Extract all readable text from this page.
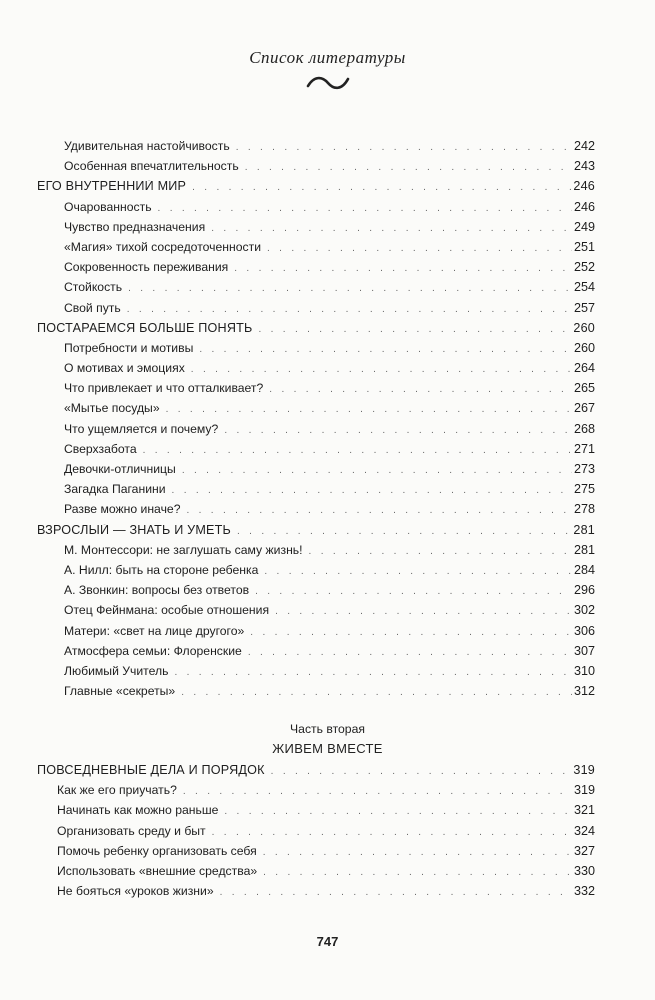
Список литературы
Удивительная настойчивость . . .	242
Особенная впечатлительность . . .	243
ЕГО ВНУТРЕННИЙ МИР . . .	246
Очарованность . . .	246
Чувство предназначения . . .	249
«Магия» тихой сосредоточенности . . .	251
Сокровенность переживания . . .	252
Стойкость . . .	254
Свой путь . . .	257
ПОСТАРАЕМСЯ БОЛЬШЕ ПОНЯТЬ . . .	260
Потребности и мотивы . . .	260
О мотивах и эмоциях . . .	264
Что привлекает и что отталкивает? . . .	265
«Мытье посуды» . . .	267
Что ущемляется и почему? . . .	268
Сверхзабота . . .	271
Девочки-отличницы . . .	273
Загадка Паганини . . .	275
Разве можно иначе? . . .	278
ВЗРОСЛЫЙ — ЗНАТЬ И УМЕТЬ . . .	281
М. Монтессори: не заглушать саму жизнь! . . .	281
А. Нилл: быть на стороне ребенка . . .	284
А. Звонкин: вопросы без ответов . . .	296
Отец Фейнмана: особые отношения . . .	302
Матери: «свет на лице другого» . . .	306
Атмосфера семьи: Флоренские . . .	307
Любимый Учитель . . .	310
Главные «секреты» . . .	312
Часть вторая
ЖИВЕМ ВМЕСТЕ
ПОВСЕДНЕВНЫЕ ДЕЛА И ПОРЯДОК . . .	319
Как же его приучать? . . .	319
Начинать как можно раньше . . .	321
Организовать среду и быт . . .	324
Помочь ребенку организовать себя . . .	327
Использовать «внешние средства» . . .	330
Не бояться «уроков жизни» . . .	332
747
